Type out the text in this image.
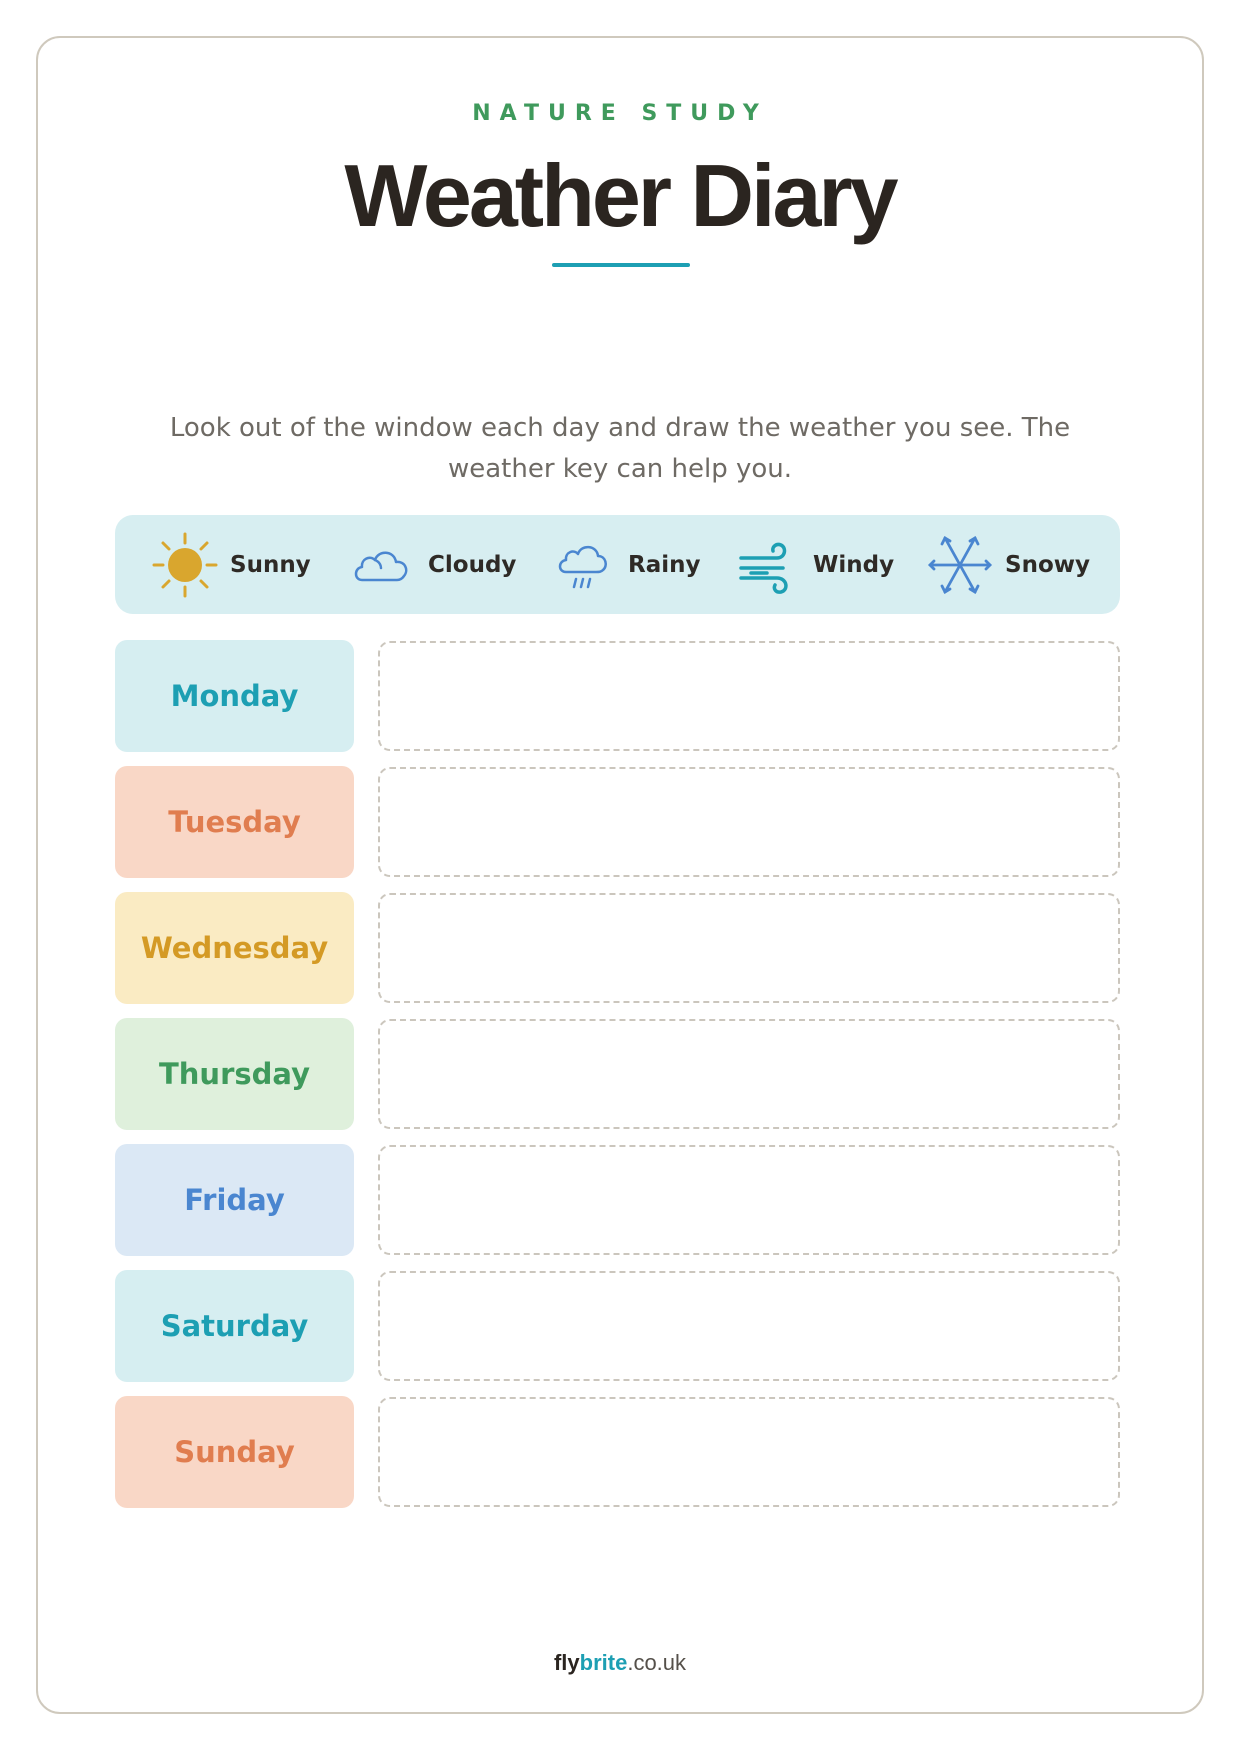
NATURE STUDY
Weather Diary
Look out of the window each day and draw the weather you see. The weather key can help you.
Sunny	Cloudy	Rainy	Windy	Snowy
Monday
Tuesday
Wednesday
Thursday
Friday
Saturday
Sunday
flybrite.co.uk
